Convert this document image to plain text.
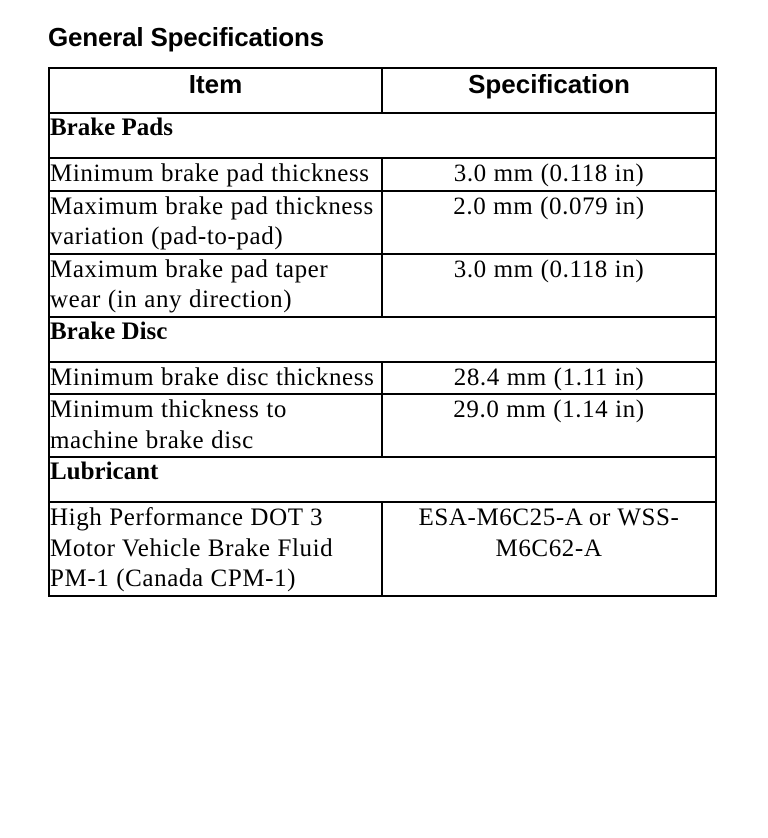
General Specifications
Item	Specification
Brake Pads	
Minimum brake pad thickness	3.0 mm (0.118 in)
Maximum brake pad thickness variation (pad-to-pad)	2.0 mm (0.079 in)
Maximum brake pad taper wear (in any direction)	3.0 mm (0.118 in)
Brake Disc	
Minimum brake disc thickness	28.4 mm (1.11 in)
Minimum thickness to machine brake disc	29.0 mm (1.14 in)
Lubricant	
High Performance DOT 3 Motor Vehicle Brake Fluid PM-1 (Canada CPM-1)	ESA-M6C25-A or WSS-M6C62-A
